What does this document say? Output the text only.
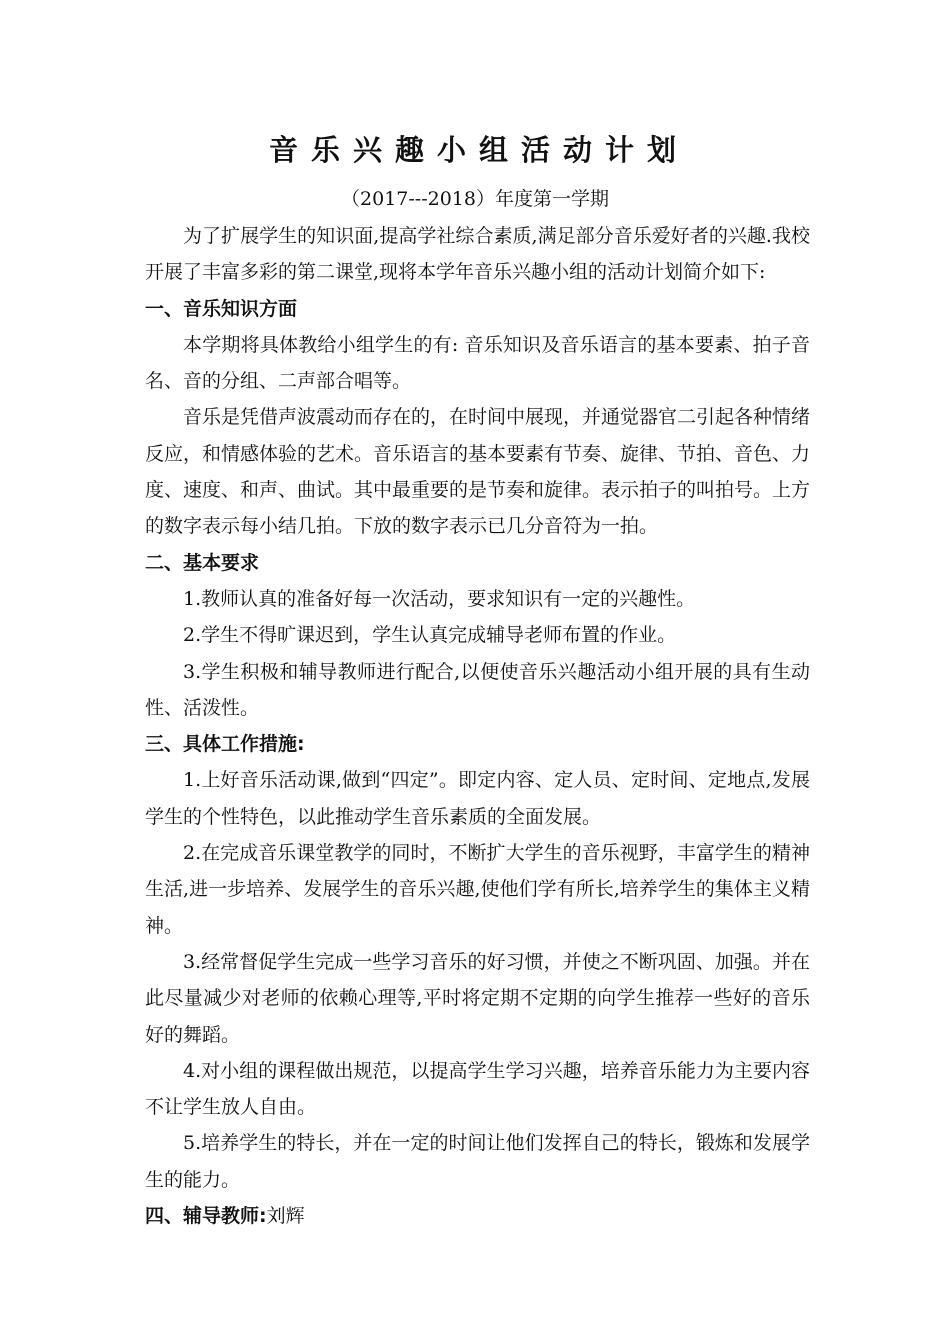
音乐兴趣小组活动计划
（2017---2018）年度第一学期

为了扩展学生的知识面,提高学社综合素质,满足部分音乐爱好者的兴趣.我校开展了丰富多彩的第二课堂,现将本学年音乐兴趣小组的活动计划简介如下:

一、音乐知识方面

本学期将具体教给小组学生的有: 音乐知识及音乐语言的基本要素、拍子音名、音的分组、二声部合唱等。

音乐是凭借声波震动而存在的，在时间中展现，并通觉器官二引起各种情绪反应，和情感体验的艺术。音乐语言的基本要素有节奏、旋律、节拍、音色、力度、速度、和声、曲试。其中最重要的是节奏和旋律。表示拍子的叫拍号。上方的数字表示每小结几拍。下放的数字表示已几分音符为一拍。

二、基本要求

1.教师认真的准备好每一次活动，要求知识有一定的兴趣性。

2.学生不得旷课迟到，学生认真完成辅导老师布置的作业。

3.学生积极和辅导教师进行配合,以便使音乐兴趣活动小组开展的具有生动性、活泼性。

三、具体工作措施:

1.上好音乐活动课,做到“四定”。即定内容、定人员、定时间、定地点,发展学生的个性特色，以此推动学生音乐素质的全面发展。

2.在完成音乐课堂教学的同时，不断扩大学生的音乐视野，丰富学生的精神生活,进一步培养、发展学生的音乐兴趣,使他们学有所长,培养学生的集体主义精神。

3.经常督促学生完成一些学习音乐的好习惯，并使之不断巩固、加强。并在此尽量减少对老师的依赖心理等,平时将定期不定期的向学生推荐一些好的音乐好的舞蹈。

4.对小组的课程做出规范，以提高学生学习兴趣，培养音乐能力为主要内容不让学生放人自由。

5.培养学生的特长，并在一定的时间让他们发挥自己的特长，锻炼和发展学生的能力。

四、辅导教师:刘辉
